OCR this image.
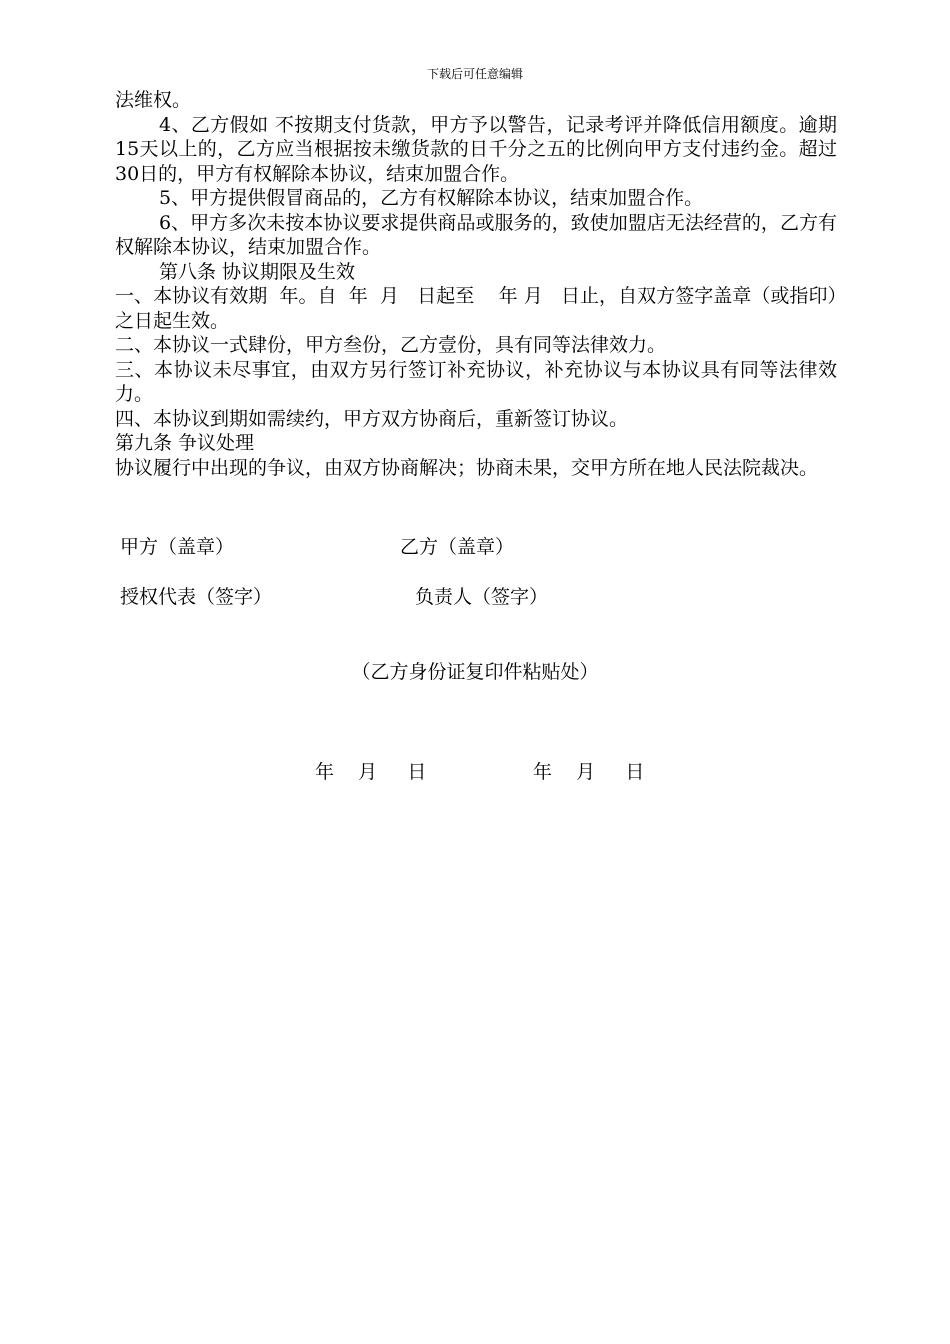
下载后可任意编辑

法维权。

4、乙方假如 不按期支付货款，甲方予以警告，记录考评并降低信用额度。逾期15天以上的，乙方应当根据按未缴货款的日千分之五的比例向甲方支付违约金。超过30日的，甲方有权解除本协议，结束加盟合作。

5、甲方提供假冒商品的，乙方有权解除本协议，结束加盟合作。

6、甲方多次未按本协议要求提供商品或服务的，致使加盟店无法经营的，乙方有权解除本协议，结束加盟合作。

第八条 协议期限及生效

一、本协议有效期  年。自  年  月   日起至    年 月   日止，自双方签字盖章（或指印）之日起生效。

二、本协议一式肆份，甲方叁份，乙方壹份，具有同等法律效力。

三、本协议未尽事宜，由双方另行签订补充协议，补充协议与本协议具有同等法律效力。

四、本协议到期如需续约，甲方双方协商后，重新签订协议。

第九条 争议处理

协议履行中出现的争议，由双方协商解决；协商未果，交甲方所在地人民法院裁决。

甲方（盖章）	乙方（盖章）
授权代表（签字）	负责人（签字）
（乙方身份证复印件粘贴处）
年    月     日	年    月     日
